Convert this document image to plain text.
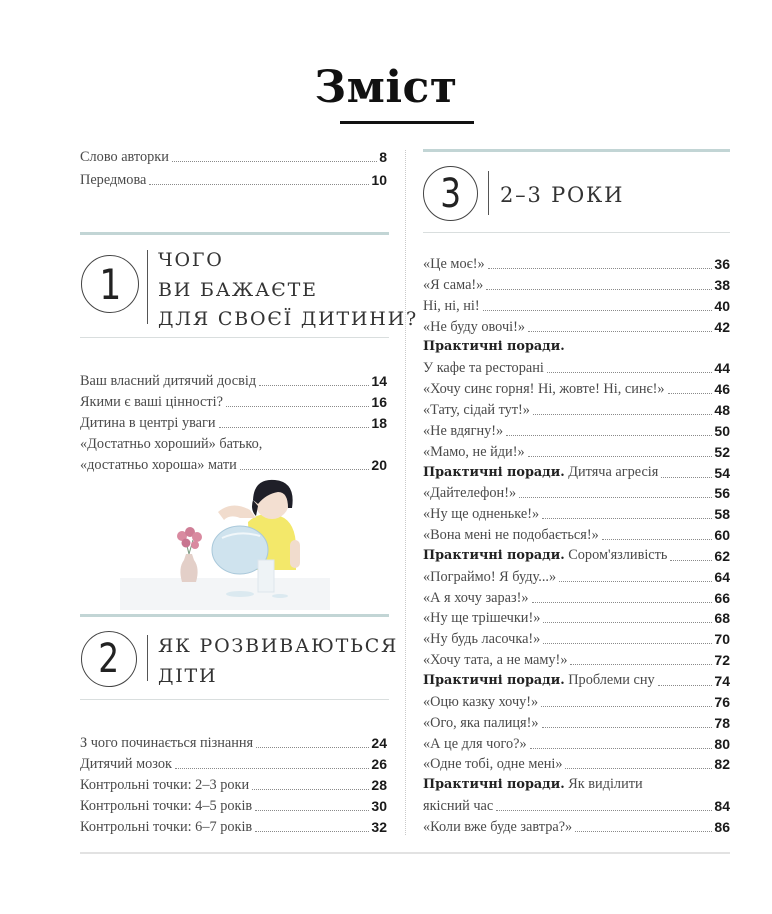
Зміст
Слово авторки	8
Передмова	10
1 ЧОГО
ВИ БАЖАЄТЕ
ДЛЯ СВОЄЇ ДИТИНИ?
Ваш власний дитячий досвід	14
Якими є ваші цінності?	16
Дитина в центрі уваги	18
«Достатньо хороший» батько,
«достатньо хороша» мати	20
2 ЯК РОЗВИВАЮТЬСЯ
ДІТИ
З чого починається пізнання	24
Дитячий мозок	26
Контрольні точки: 2–3 роки	28
Контрольні точки: 4–5 років	30
Контрольні точки: 6–7 років	32
3 2–3 РОКИ
«Це моє!»	36
«Я сама!»	38
Ні, ні, ні!	40
«Не буду овочі!»	42
Практичні поради.
У кафе та ресторані	44
«Хочу синє горня! Ні, жовте! Ні, синє!»	46
«Тату, сідай тут!»	48
«Не вдягну!»	50
«Мамо, не йди!»	52
Практичні поради. Дитяча агресія	54
«Дайтелефон!»	56
«Ну ще одненьке!»	58
«Вона мені не подобається!»	60
Практичні поради. Сором'язливість	62
«Пограймо! Я буду...»	64
«А я хочу зараз!»	66
«Ну ще трішечки!»	68
«Ну будь ласочка!»	70
«Хочу тата, а не маму!»	72
Практичні поради. Проблеми сну	74
«Оцю казку хочу!»	76
«Ого, яка палиця!»	78
«А це для чого?»	80
«Одне тобі, одне мені»	82
Практичні поради. Як виділити
якісний час	84
«Коли вже буде завтра?»	86
